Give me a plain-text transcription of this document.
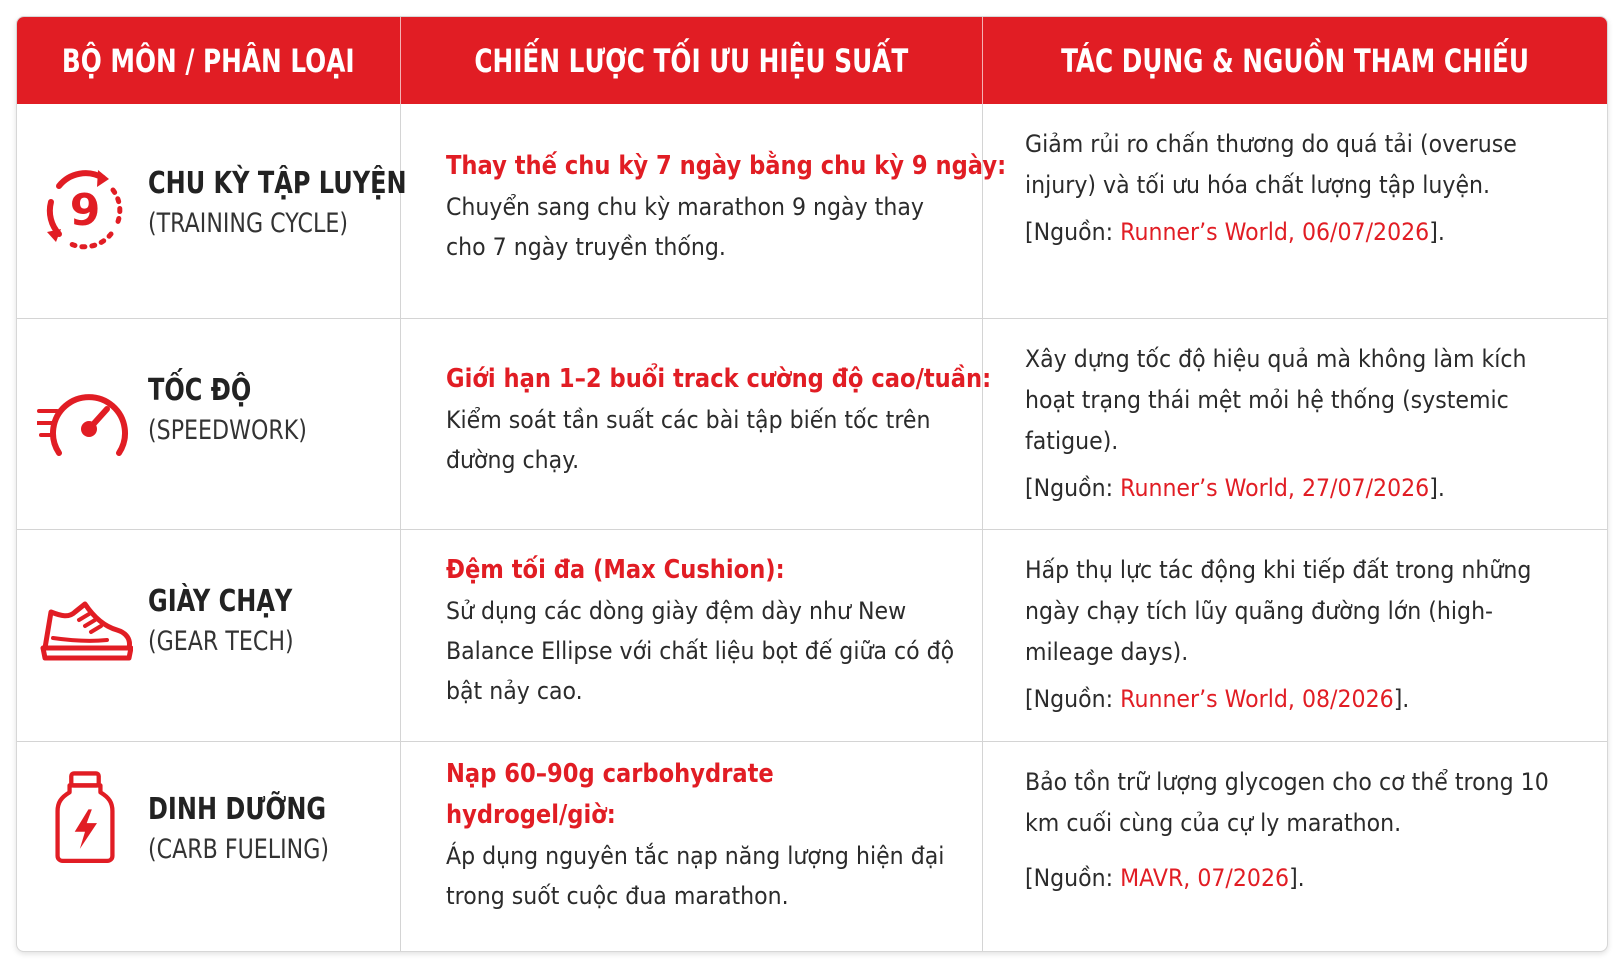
BỘ MÔN / PHÂN LOẠI	CHIẾN LƯỢC TỐI ƯU HIỆU SUẤT	TÁC DỤNG & NGUỒN THAM CHIẾU
9
CHU KỲ TẬP LUYỆN
(TRAINING CYCLE)
Thay thế chu kỳ 7 ngày bằng chu kỳ 9 ngày:
Chuyển sang chu kỳ marathon 9 ngày thay cho 7 ngày truyền thống.
Giảm rủi ro chấn thương do quá tải (overuse injury) và tối ưu hóa chất lượng tập luyện.
[Nguồn: Runner’s World, 06/07/2026].
TỐC ĐỘ
(SPEEDWORK)
Giới hạn 1–2 buổi track cường độ cao/tuần:
Kiểm soát tần suất các bài tập biến tốc trên đường chạy.
Xây dựng tốc độ hiệu quả mà không làm kích hoạt trạng thái mệt mỏi hệ thống (systemic fatigue).
[Nguồn: Runner’s World, 27/07/2026].
GIÀY CHẠY
(GEAR TECH)
Đệm tối đa (Max Cushion):
Sử dụng các dòng giày đệm dày như New Balance Ellipse với chất liệu bọt đế giữa có độ bật nảy cao.
Hấp thụ lực tác động khi tiếp đất trong những ngày chạy tích lũy quãng đường lớn (high-mileage days).
[Nguồn: Runner’s World, 08/2026].
DINH DƯỠNG
(CARB FUELING)
Nạp 60–90g carbohydrate hydrogel/giờ:
Áp dụng nguyên tắc nạp năng lượng hiện đại trong suốt cuộc đua marathon.
Bảo tồn trữ lượng glycogen cho cơ thể trong 10 km cuối cùng của cự ly marathon.
[Nguồn: MAVR, 07/2026].
